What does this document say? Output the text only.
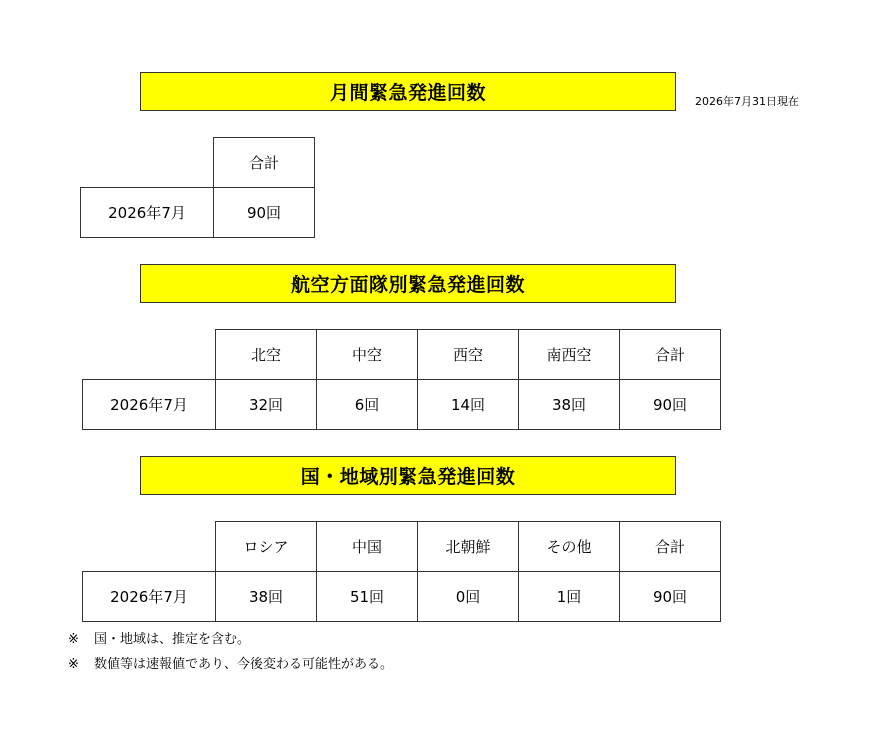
月間緊急発進回数	2026年7月31日現在
	合計
2026年7月	90回
航空方面隊別緊急発進回数
	北空	中空	西空	南西空	合計
2026年7月	32回	6回	14回	38回	90回
国・地域別緊急発進回数
	ロシア	中国	北朝鮮	その他	合計
2026年7月	38回	51回	0回	1回	90回
※	国・地域は、推定を含む。
※	数値等は速報値であり、今後変わる可能性がある。
